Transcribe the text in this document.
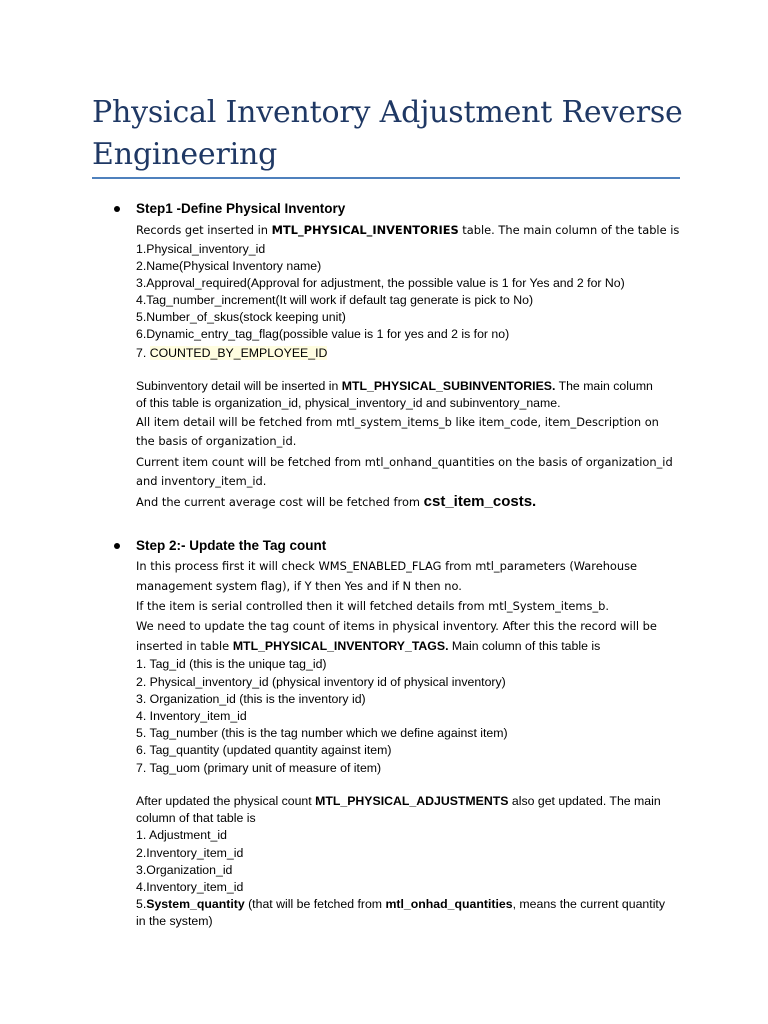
Physical Inventory Adjustment Reverse
Engineering
Step1 -Define Physical Inventory
Records get inserted in MTL_PHYSICAL_INVENTORIES table. The main column of the table is
1.Physical_inventory_id
2.Name(Physical Inventory name)
3.Approval_required(Approval for adjustment, the possible value is 1 for Yes and 2 for No)
4.Tag_number_increment(It will work if default tag generate is pick to No)
5.Number_of_skus(stock keeping unit)
6.Dynamic_entry_tag_flag(possible value is 1 for yes and 2 is for no)
7. COUNTED_BY_EMPLOYEE_ID
Subinventory detail will be inserted in MTL_PHYSICAL_SUBINVENTORIES. The main column
of this table is organization_id, physical_inventory_id and subinventory_name.
All item detail will be fetched from mtl_system_items_b like item_code, item_Description on
the basis of organization_id.
Current item count will be fetched from mtl_onhand_quantities on the basis of organization_id
and inventory_item_id.
And the current average cost will be fetched from cst_item_costs.
Step 2:- Update the Tag count
In this process first it will check WMS_ENABLED_FLAG from mtl_parameters (Warehouse
management system flag), if Y then Yes and if N then no.
If the item is serial controlled then it will fetched details from mtl_System_items_b.
We need to update the tag count of items in physical inventory. After this the record will be
inserted in table MTL_PHYSICAL_INVENTORY_TAGS. Main column of this table is
1. Tag_id (this is the unique tag_id)
2. Physical_inventory_id (physical inventory id of physical inventory)
3. Organization_id (this is the inventory id)
4. Inventory_item_id
5. Tag_number (this is the tag number which we define against item)
6. Tag_quantity (updated quantity against item)
7. Tag_uom (primary unit of measure of item)
After updated the physical count MTL_PHYSICAL_ADJUSTMENTS also get updated. The main
column of that table is
1. Adjustment_id
2.Inventory_item_id
3.Organization_id
4.Inventory_item_id
5.System_quantity (that will be fetched from mtl_onhad_quantities, means the current quantity
in the system)
